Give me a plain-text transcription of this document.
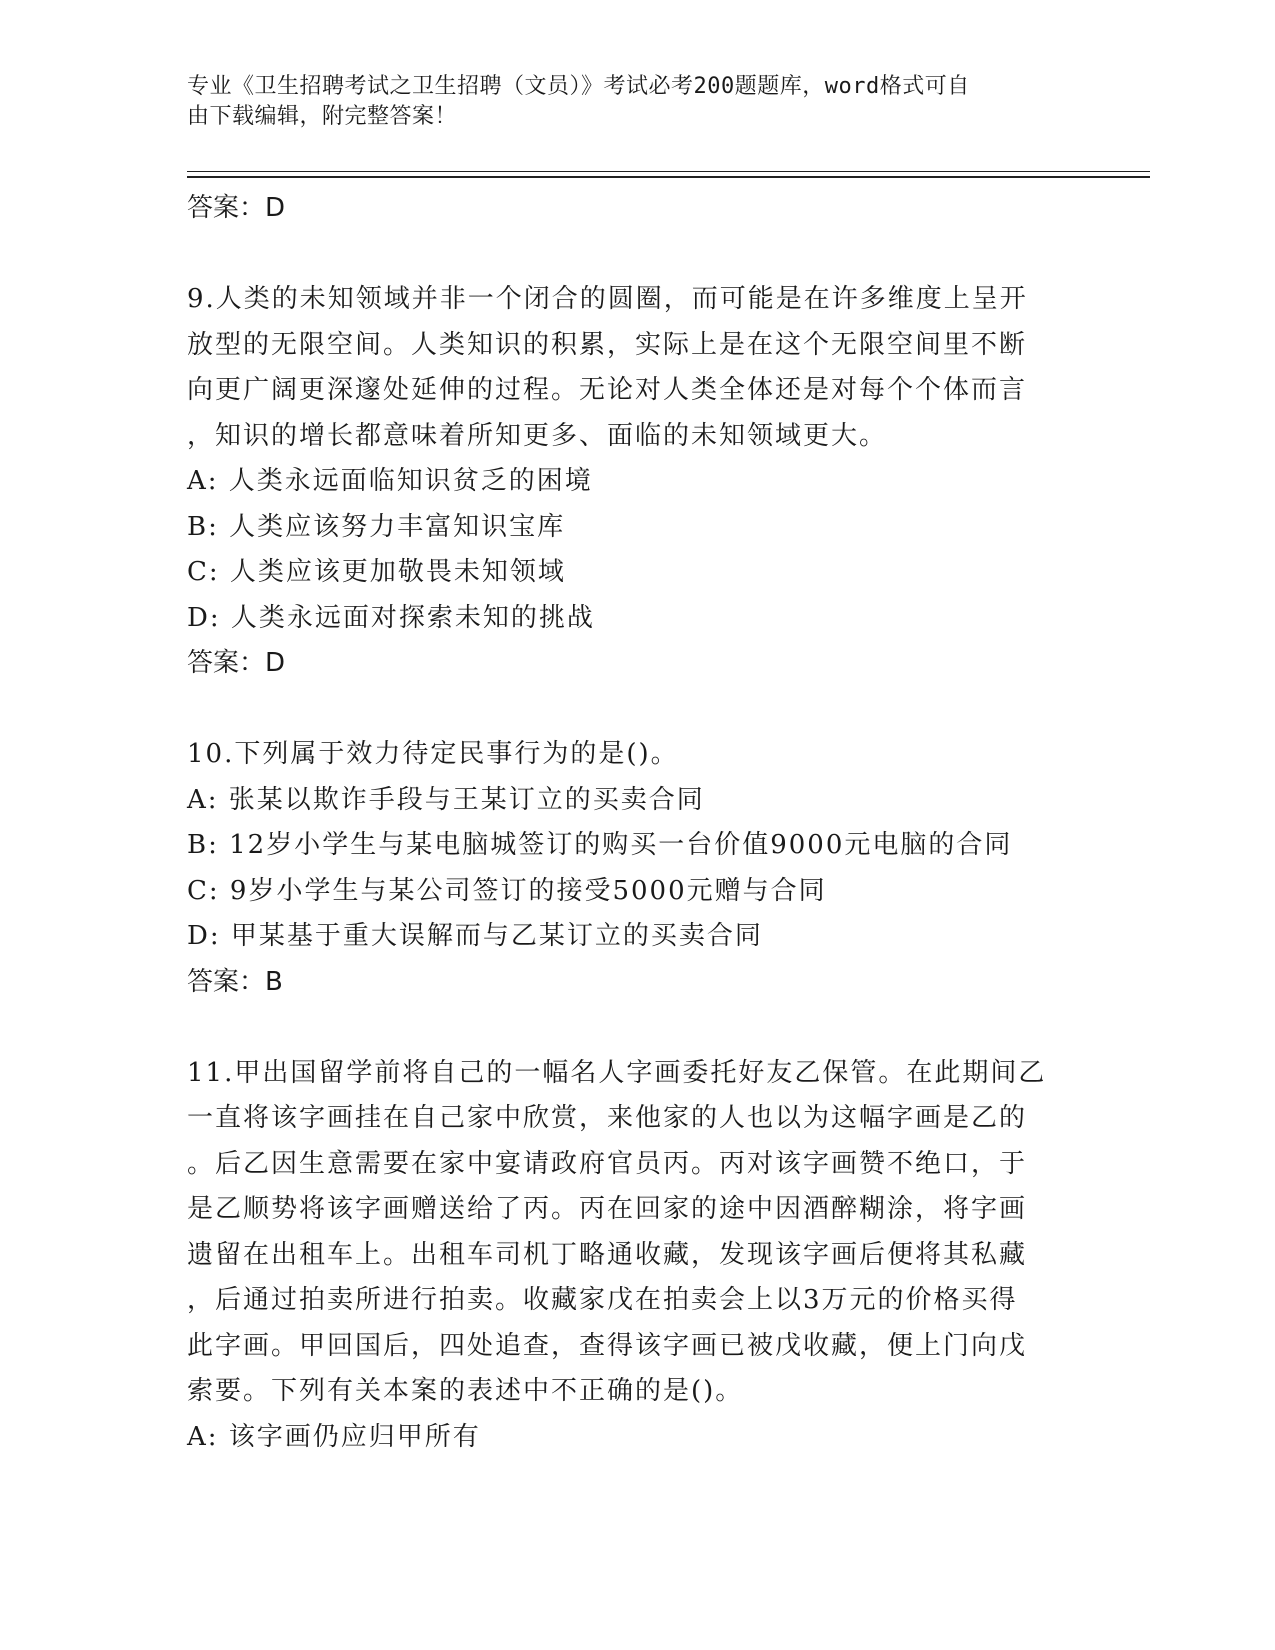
专业《卫生招聘考试之卫生招聘（文员）》考试必考200题题库，word格式可自
由下载编辑，附完整答案！
答案：D
9.人类的未知领域并非一个闭合的圆圈，而可能是在许多维度上呈开
放型的无限空间。人类知识的积累，实际上是在这个无限空间里不断
向更广阔更深邃处延伸的过程。无论对人类全体还是对每个个体而言
，知识的增长都意味着所知更多、面临的未知领域更大。
A: 人类永远面临知识贫乏的困境
B: 人类应该努力丰富知识宝库
C: 人类应该更加敬畏未知领域
D: 人类永远面对探索未知的挑战
答案：D
10.下列属于效力待定民事行为的是()。
A: 张某以欺诈手段与王某订立的买卖合同
B: 12岁小学生与某电脑城签订的购买一台价值9000元电脑的合同
C: 9岁小学生与某公司签订的接受5000元赠与合同
D: 甲某基于重大误解而与乙某订立的买卖合同
答案：B
11.甲出国留学前将自己的一幅名人字画委托好友乙保管。在此期间乙
一直将该字画挂在自己家中欣赏，来他家的人也以为这幅字画是乙的
。后乙因生意需要在家中宴请政府官员丙。丙对该字画赞不绝口，于
是乙顺势将该字画赠送给了丙。丙在回家的途中因酒醉糊涂，将字画
遗留在出租车上。出租车司机丁略通收藏，发现该字画后便将其私藏
，后通过拍卖所进行拍卖。收藏家戊在拍卖会上以3万元的价格买得
此字画。甲回国后，四处追查，查得该字画已被戊收藏，便上门向戊
索要。下列有关本案的表述中不正确的是()。
A: 该字画仍应归甲所有
